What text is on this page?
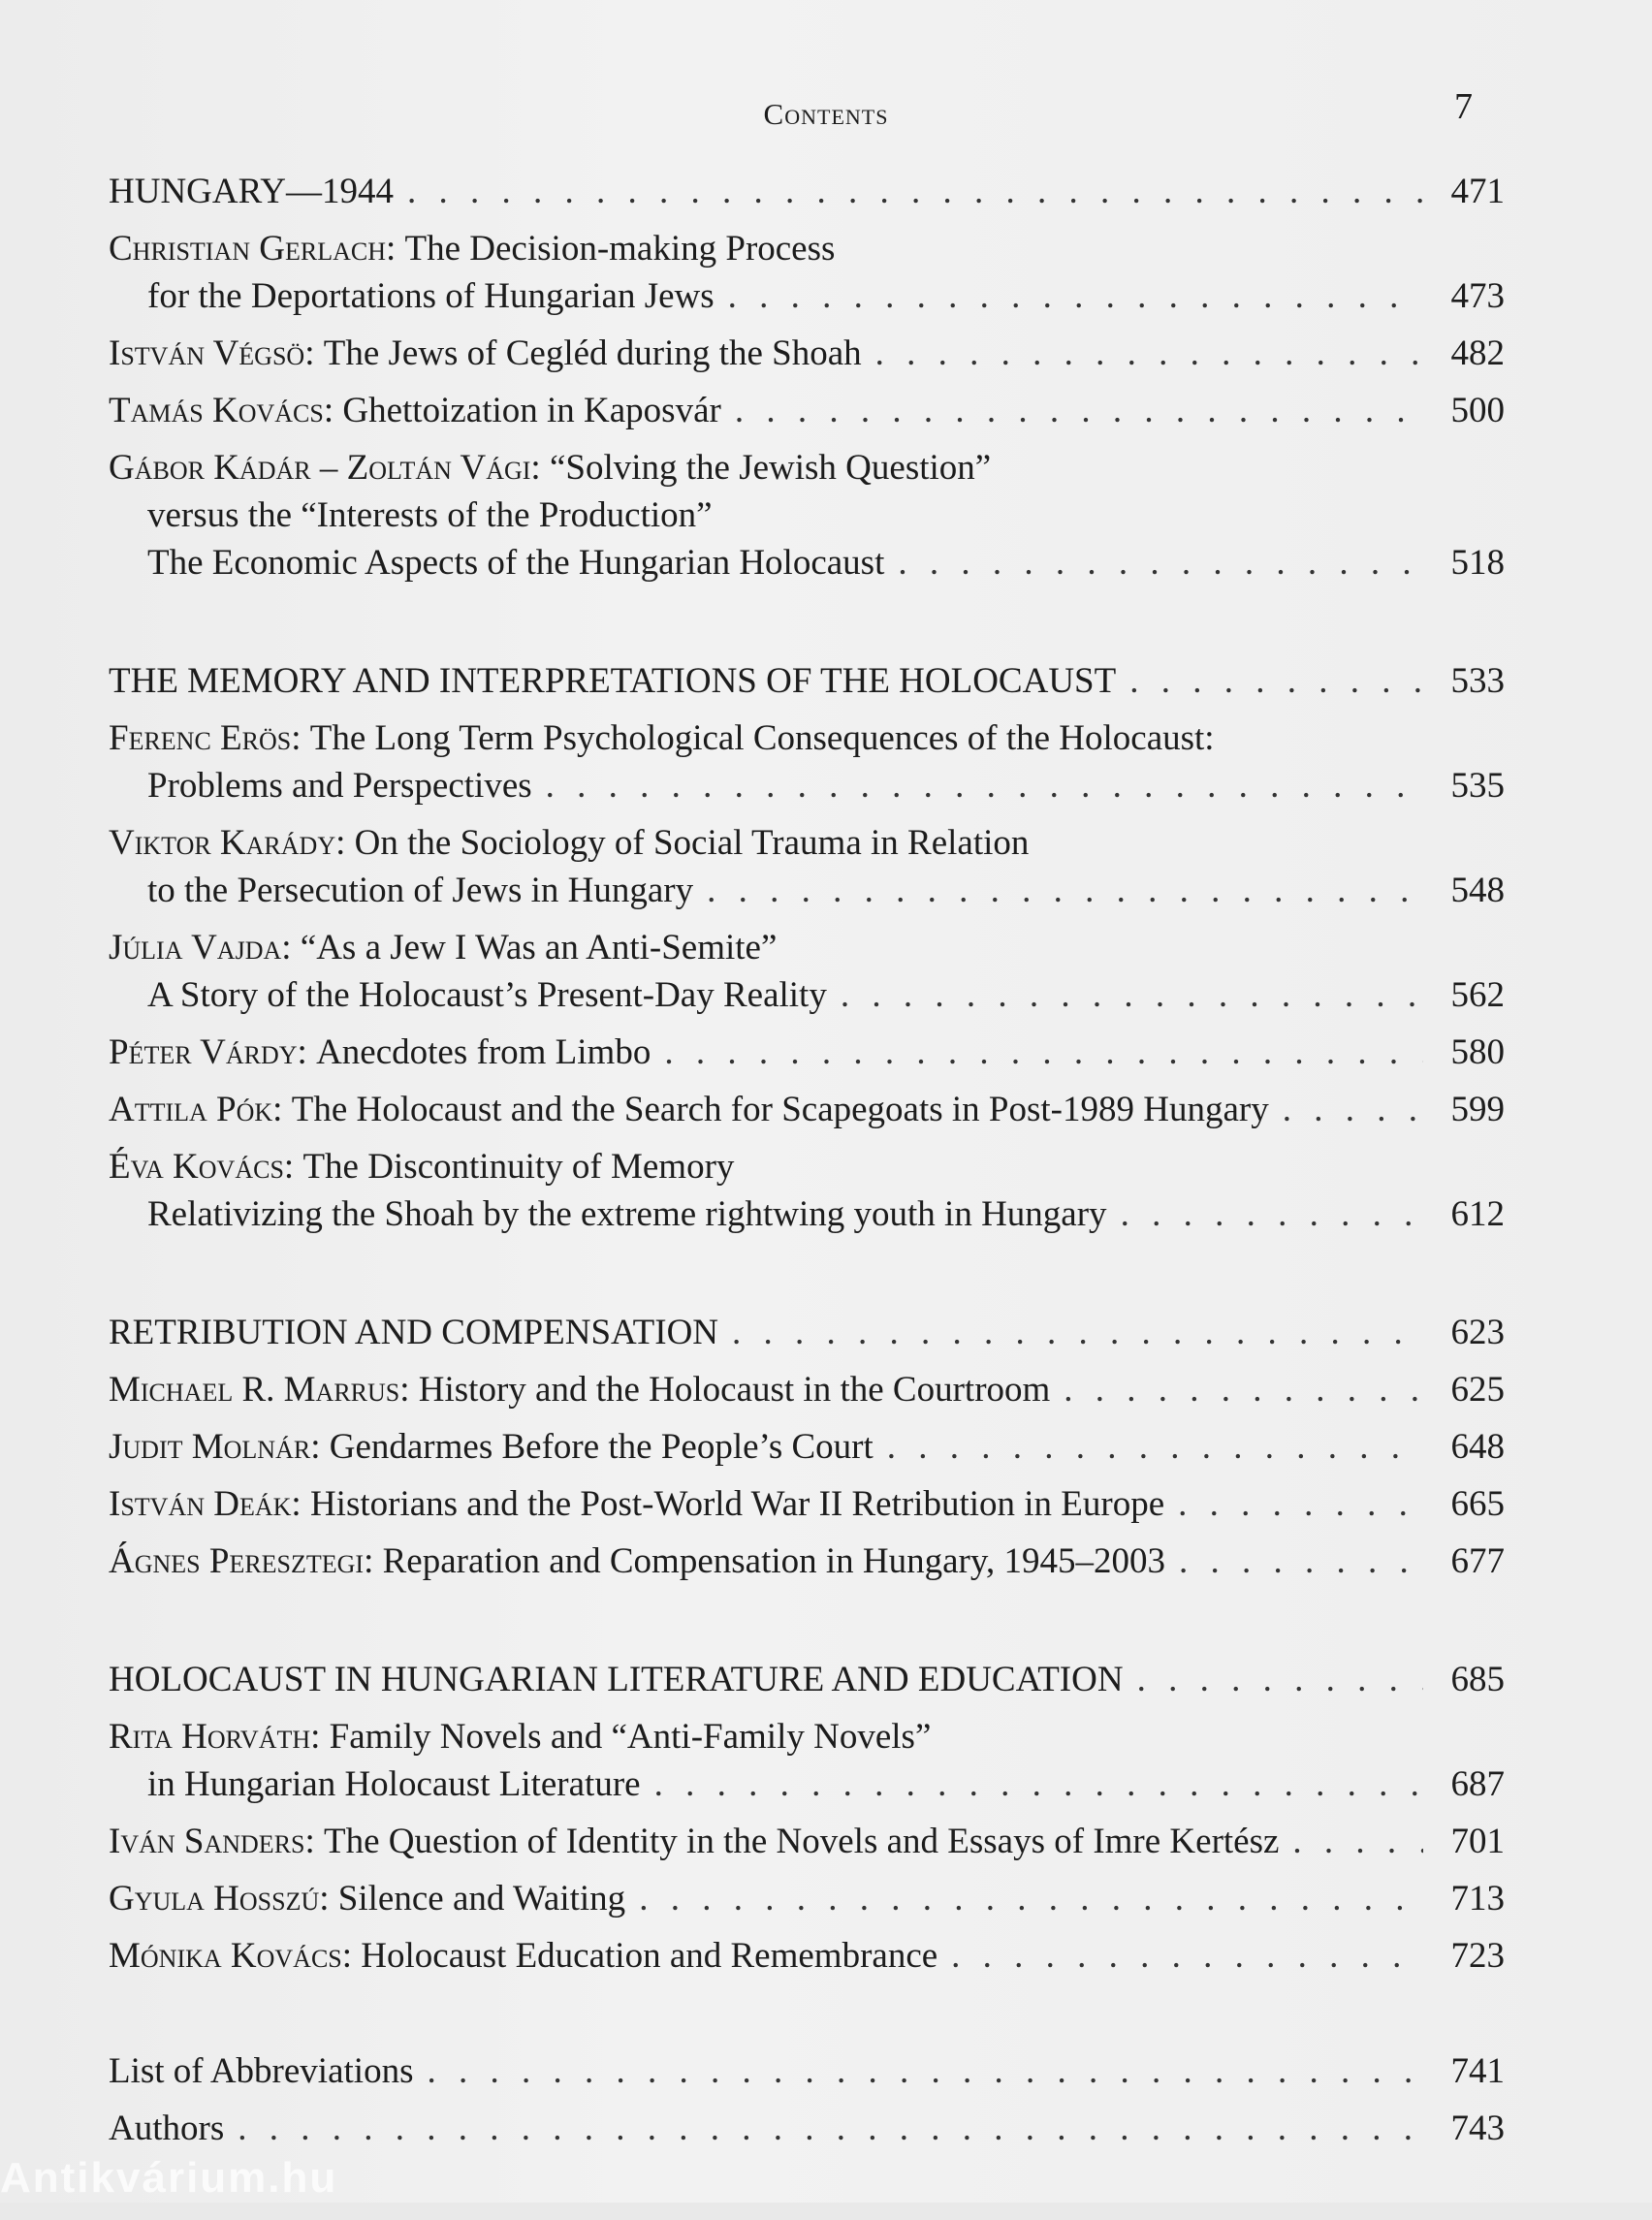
Contents	7
HUNGARY—1944 . . .	471
Christian Gerlach:
The Decision-making Process
for the Deportations of Hungarian Jews . . .	473
István Végsö:
The Jews of Cegléd during the Shoah . . .	482
Tamás Kovács:
Ghettoization in Kaposvár . . .	500
Gábor Kádár – Zoltán Vági:
“Solving the Jewish Question”
versus the “Interests of the Production”
The Economic Aspects of the Hungarian Holocaust . . .	518
THE MEMORY AND INTERPRETATIONS OF THE HOLOCAUST . . .	533
Ferenc Erös:
The Long Term Psychological Consequences of the Holocaust:
Problems and Perspectives . . .	535
Viktor Karády:
On the Sociology of Social Trauma in Relation
to the Persecution of Jews in Hungary . . .	548
Júlia Vajda:
“As a Jew I Was an Anti-Semite”
A Story of the Holocaust’s Present-Day Reality . . .	562
Péter Várdy:
Anecdotes from Limbo . . .	580
Attila Pók:
The Holocaust and the Search for Scapegoats in Post-1989 Hungary . . .	599
Éva Kovács:
The Discontinuity of Memory
Relativizing the Shoah by the extreme rightwing youth in Hungary . . .	612
RETRIBUTION AND COMPENSATION . . .	623
Michael R. Marrus:
History and the Holocaust in the Courtroom . . .	625
Judit Molnár:
Gendarmes Before the People’s Court . . .	648
István Deák:
Historians and the Post-World War II Retribution in Europe . . .	665
Ágnes Peresztegi:
Reparation and Compensation in Hungary, 1945–2003 . . .	677
HOLOCAUST IN HUNGARIAN LITERATURE AND EDUCATION . . .	685
Rita Horváth:
Family Novels and “Anti-Family Novels”
in Hungarian Holocaust Literature . . .	687
Iván Sanders:
The Question of Identity in the Novels and Essays of Imre Kertész . . .	701
Gyula Hosszú:
Silence and Waiting . . .	713
Mónika Kovács:
Holocaust Education and Remembrance . . .	723
List of Abbreviations . . .	741
Authors . . .	743
Antikvárium.hu
